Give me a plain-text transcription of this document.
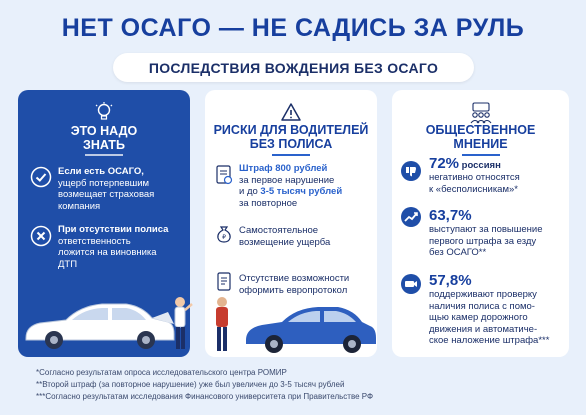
НЕТ ОСАГО — НЕ САДИСЬ ЗА РУЛЬ
ПОСЛЕДСТВИЯ ВОЖДЕНИЯ БЕЗ ОСАГО
ЭТО НАДО
ЗНАТЬ
Если есть ОСАГО,
ущерб потерпевшим
возмещает страховая
компания
При отсутствии полиса
ответственность
ложится на виновника
ДТП
РИСКИ ДЛЯ ВОДИТЕЛЕЙ
БЕЗ ПОЛИСА
Штраф 800 рублей
за первое нарушение
и до 3-5 тысяч рублей
за повторное
₽
Самостоятельное
возмещение ущерба
Отсутствие возможности
оформить европротокол
ОБЩЕСТВЕННОЕ
МНЕНИЕ
72% россиян
негативно относятся
к «бесполисникам»*
63,7%
выступают за повышение
первого штрафа за езду
без ОСАГО**
57,8%
поддерживают проверку
наличия полиса с помо-
щью камер дорожного
движения и автоматиче-
ское наложение штрафа***
*Согласно результатам опроса исследовательского центра РОМИР
**Второй штраф (за повторное нарушение) уже был увеличен до 3-5 тысяч рублей
***Согласно результатам исследования Финансового университета при Правительстве РФ
